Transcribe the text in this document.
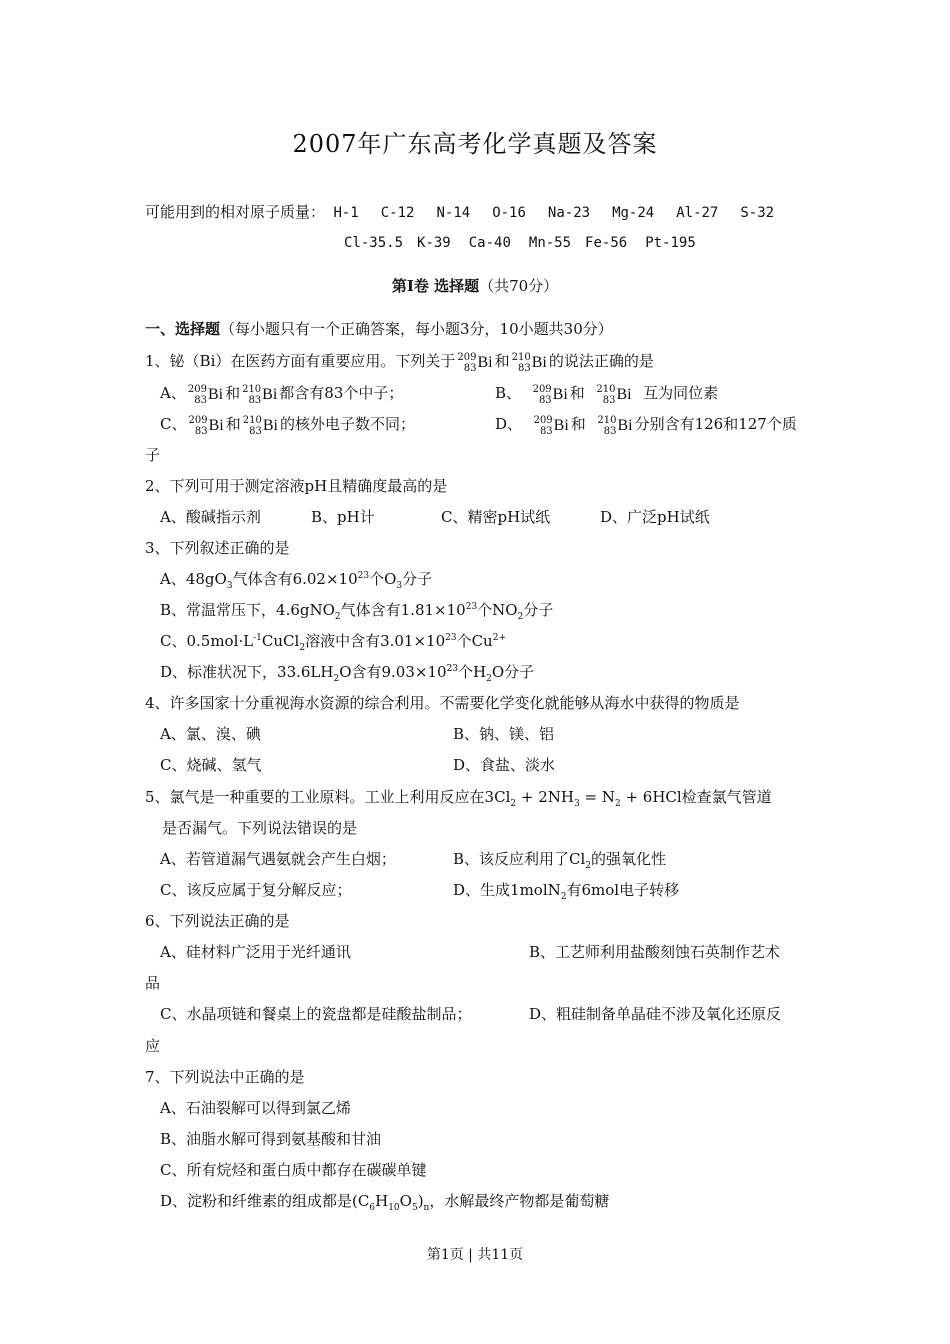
2007年广东高考化学真题及答案
可能用到的相对原子质量： H-1 C-12 N-14 O-16 Na-23 Mg-24 Al-27 S-32
Cl-35.5 K-39 Ca-40 Mn-55 Fe-56 Pt-195
第Ⅰ卷 选择题（共70分）
一、选择题（每小题只有一个正确答案，每小题3分，10小题共30分）
1、铋（Bi）在医药方面有重要应用。下列关于 209
83Bi 和 210
83Bi 的说法正确的是
A、 209
83Bi 和 210
83Bi 都含有83个中子；	B、 209
83Bi 和 210
83Bi 互为同位素
C、 209
83Bi 和 210
83Bi 的核外电子数不同；	D、 209
83Bi 和 210
83Bi 分别含有126和127个质
子
2、下列可用于测定溶液pH且精确度最高的是
A、酸碱指示剂	B、pH计	C、精密pH试纸	D、广泛pH试纸
3、下列叙述正确的是
A、$48gO_3$气体含有$6.02\times 10^{23}$个$O_3$分子
B、常温常压下，4.6gNO$_2$气体含有$1.81\times 10^{23}$个$NO_2$分子
C、$0.5mol\cdot L^{-1}CuCl_2$溶液中含有$3.01\times 10^{23}$个$Cu^{2+}$
D、标准状况下，$33.6LH_2O$含有$9.03\times 10^{23}$个$H_2O$分子
4、许多国家十分重视海水资源的综合利用。不需要化学变化就能够从海水中获得的物质是
A、氯、溴、碘	B、钠、镁、铝
C、烧碱、氢气	D、食盐、淡水
5、氯气是一种重要的工业原料。工业上利用反应在$3Cl_2 + 2NH_3 = N_2 + 6HCl$检查氯气管道
是否漏气。下列说法错误的是
A、若管道漏气遇氨就会产生白烟；	B、该反应利用了$Cl_2$的强氧化性
C、该反应属于复分解反应；	D、生成1molN$_2$有6mol电子转移
6、下列说法正确的是
A、硅材料广泛用于光纤通讯	B、工艺师利用盐酸刻蚀石英制作艺术
品
C、水晶项链和餐桌上的瓷盘都是硅酸盐制品；	D、粗硅制备单晶硅不涉及氧化还原反
应
7、下列说法中正确的是
A、石油裂解可以得到氯乙烯
B、油脂水解可得到氨基酸和甘油
C、所有烷烃和蛋白质中都存在碳碳单键
D、淀粉和纤维素的组成都是$(C_6H_{10}O_5)_n$，水解最终产物都是葡萄糖
第1页 | 共11页
